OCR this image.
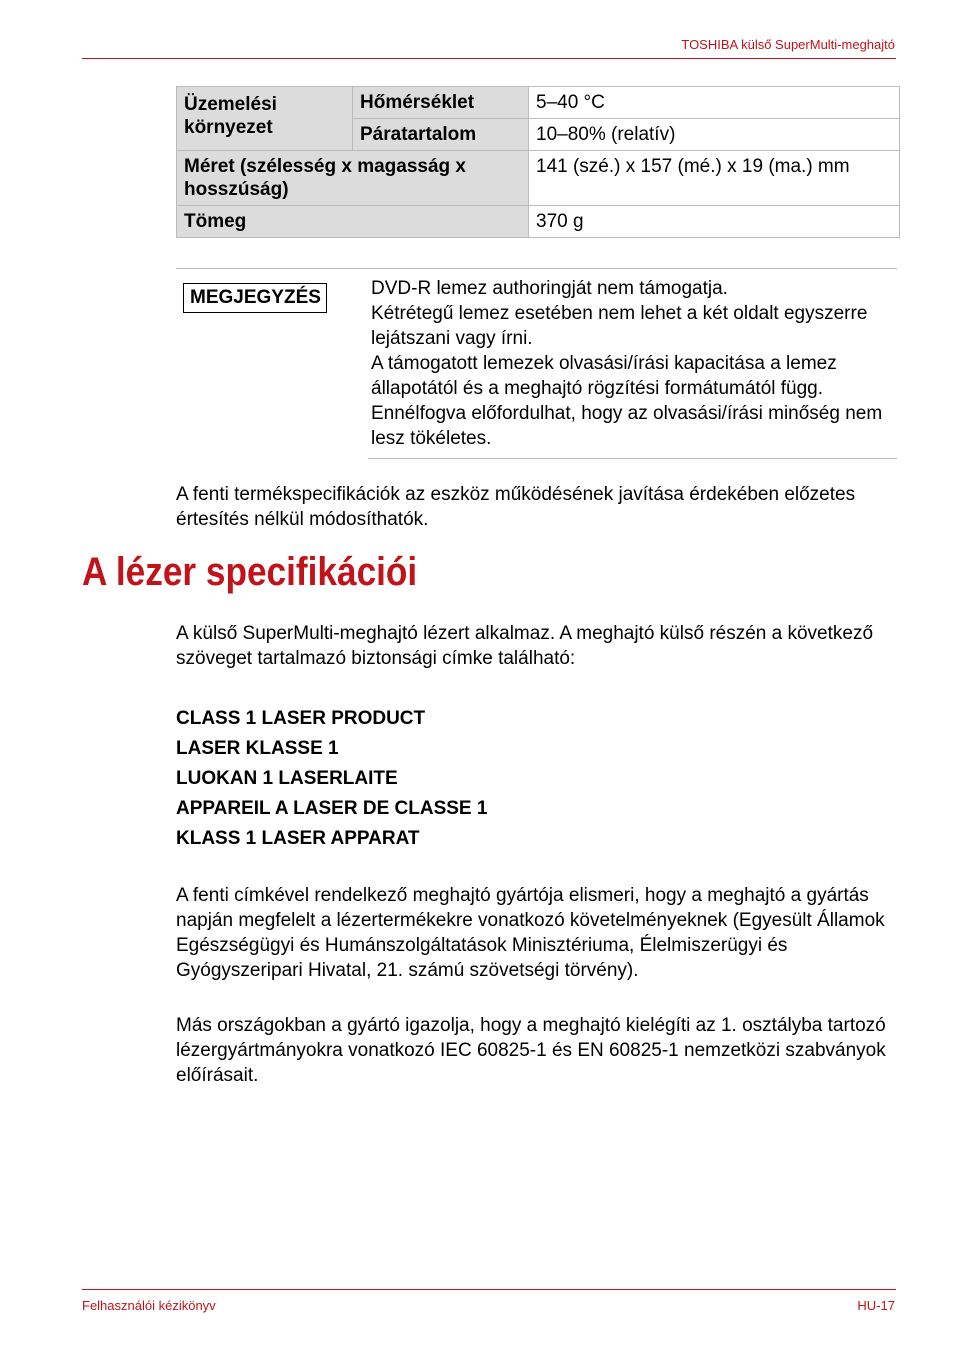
TOSHIBA külső SuperMulti-meghajtó
Üzemelési környezet	Hőmérséklet	5–40 °C
	Páratartalom	10–80% (relatív)
Méret (szélesség x magasság x hosszúság)		141 (szé.) x 157 (mé.) x 19 (ma.) mm
Tömeg		370 g
MEGJEGYZÉS	DVD-R lemez authoringját nem támogatja.
Kétrétegű lemez esetében nem lehet a két oldalt egyszerre lejátszani vagy írni.
A támogatott lemezek olvasási/írási kapacitása a lemez állapotától és a meghajtó rögzítési formátumától függ. Ennélfogva előfordulhat, hogy az olvasási/írási minőség nem lesz tökéletes.

A fenti termékspecifikációk az eszköz működésének javítása érdekében előzetes értesítés nélkül módosíthatók.

A lézer specifikációi

A külső SuperMulti-meghajtó lézert alkalmaz. A meghajtó külső részén a következő szöveget tartalmazó biztonsági címke található:

CLASS 1 LASER PRODUCT
LASER KLASSE 1
LUOKAN 1 LASERLAITE
APPAREIL A LASER DE CLASSE 1
KLASS 1 LASER APPARAT

A fenti címkével rendelkező meghajtó gyártója elismeri, hogy a meghajtó a gyártás napján megfelelt a lézertermékekre vonatkozó követelményeknek (Egyesült Államok Egészségügyi és Humánszolgáltatások Minisztériuma, Élelmiszerügyi és Gyógyszeripari Hivatal, 21. számú szövetségi törvény).

Más országokban a gyártó igazolja, hogy a meghajtó kielégíti az 1. osztályba tartozó lézergyártmányokra vonatkozó IEC 60825-1 és EN 60825-1 nemzetközi szabványok előírásait.

Felhasználói kézikönyv	HU-17
